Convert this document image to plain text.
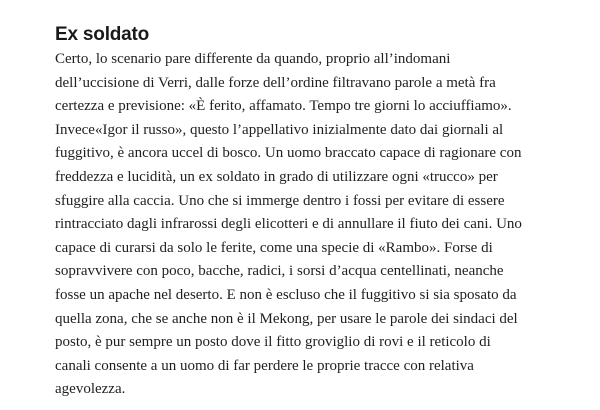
Ex soldato

Certo, lo scenario pare differente da quando, proprio all’indomani
dell’uccisione di Verri, dalle forze dell’ordine filtravano parole a metà fra
certezza e previsione: «È ferito, affamato. Tempo tre giorni lo acciuffiamo».
Invece«Igor il russo», questo l’appellativo inizialmente dato dai giornali al
fuggitivo, è ancora uccel di bosco. Un uomo braccato capace di ragionare con
freddezza e lucidità, un ex soldato in grado di utilizzare ogni «trucco» per
sfuggire alla caccia. Uno che si immerge dentro i fossi per evitare di essere
rintracciato dagli infrarossi degli elicotteri e di annullare il fiuto dei cani. Uno
capace di curarsi da solo le ferite, come una specie di «Rambo». Forse di
sopravvivere con poco, bacche, radici, i sorsi d’acqua centellinati, neanche
fosse un apache nel deserto. E non è escluso che il fuggitivo si sia sposato da
quella zona, che se anche non è il Mekong, per usare le parole dei sindaci del
posto, è pur sempre un posto dove il fitto groviglio di rovi e il reticolo di
canali consente a un uomo di far perdere le proprie tracce con relativa
agevolezza.
